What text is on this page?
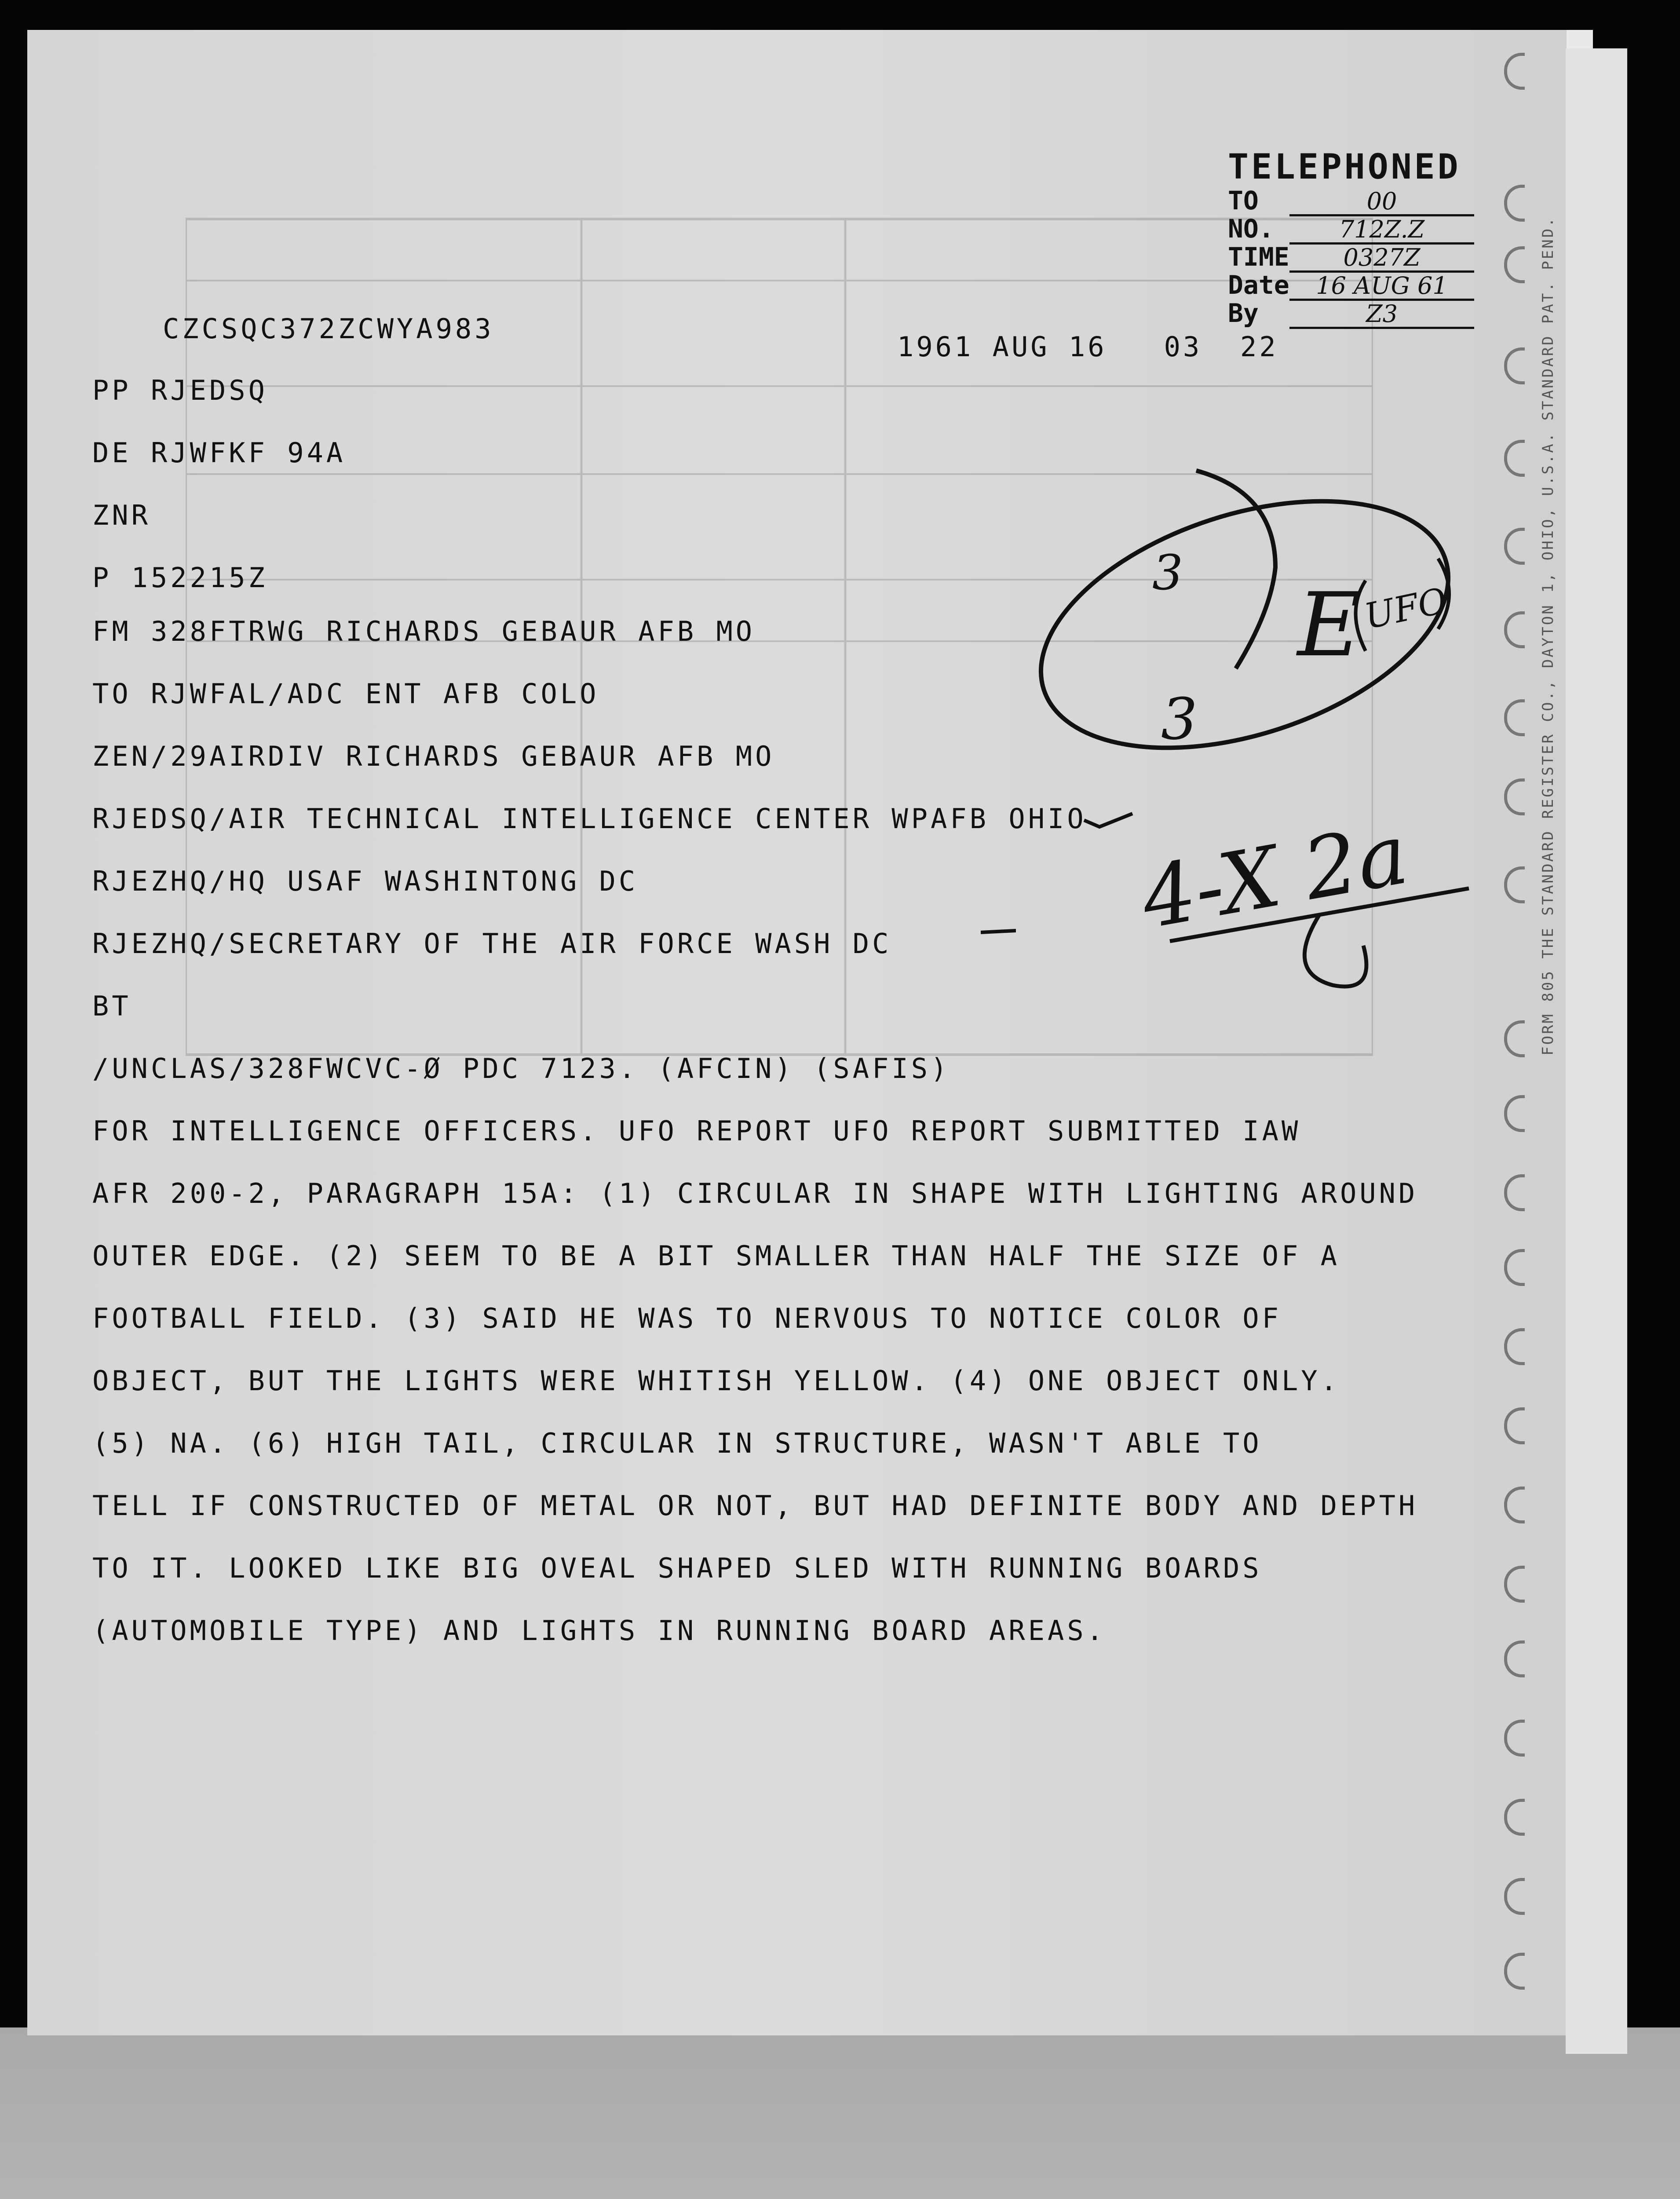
TELEPHONED
TO	00
NO.	712Z.Z
TIME	0327Z
Date	16 AUG 61
By	Z3
CZCSQC372ZCWYA983
1961 AUG 16   03  22
PP RJEDSQ
DE RJWFKF 94A
ZNR
P 152215Z
FM 328FTRWG RICHARDS GEBAUR AFB MO
TO RJWFAL/ADC ENT AFB COLO
ZEN/29AIRDIV RICHARDS GEBAUR AFB MO
RJEDSQ/AIR TECHNICAL INTELLIGENCE CENTER WPAFB OHIO
RJEZHQ/HQ USAF WASHINTONG DC
RJEZHQ/SECRETARY OF THE AIR FORCE WASH DC
BT
/UNCLAS/328FWCVC-Ø PDC 7123. (AFCIN) (SAFIS)
FOR INTELLIGENCE OFFICERS. UFO REPORT UFO REPORT SUBMITTED IAW
AFR 200-2, PARAGRAPH 15A: (1) CIRCULAR IN SHAPE WITH LIGHTING AROUND
OUTER EDGE. (2) SEEM TO BE A BIT SMALLER THAN HALF THE SIZE OF A
FOOTBALL FIELD. (3) SAID HE WAS TO NERVOUS TO NOTICE COLOR OF
OBJECT, BUT THE LIGHTS WERE WHITISH YELLOW. (4) ONE OBJECT ONLY.
(5) NA. (6) HIGH TAIL, CIRCULAR IN STRUCTURE, WASN'T ABLE TO
TELL IF CONSTRUCTED OF METAL OR NOT, BUT HAD DEFINITE BODY AND DEPTH
TO IT. LOOKED LIKE BIG OVEAL SHAPED SLED WITH RUNNING BOARDS
(AUTOMOBILE TYPE) AND LIGHTS IN RUNNING BOARD AREAS.
3
E
UFO
3
4-X 2a	FORM 805 THE STANDARD REGISTER CO., DAYTON 1, OHIO, U.S.A. STANDARD PAT. PEND.
